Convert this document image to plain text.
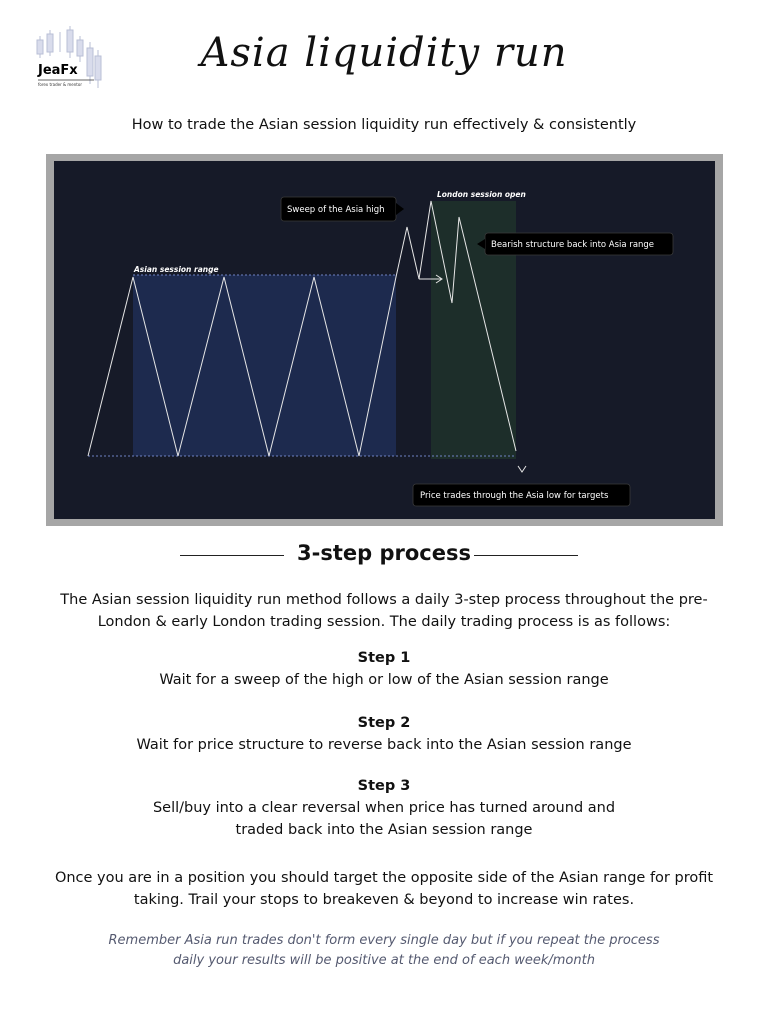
JeaFx
forex trader & mentor
Asia liquidity run
How to trade the Asian session liquidity run effectively & consistently
Asian session range
London session open
Sweep of the Asia high
Bearish structure back into Asia range
Price trades through the Asia low for targets
3-step process
The Asian session liquidity run method follows a daily 3-step process throughout the pre-London & early London trading session. The daily trading process is as follows:
Step 1
Wait for a sweep of the high or low of the Asian session range
Step 2
Wait for price structure to reverse back into the Asian session range
Step 3
Sell/buy into a clear reversal when price has turned around and
traded back into the Asian session range
Once you are in a position you should target the opposite side of the Asian range for profit taking. Trail your stops to breakeven & beyond to increase win rates.
Remember Asia run trades don't form every single day but if you repeat the process daily your results will be positive at the end of each week/month
